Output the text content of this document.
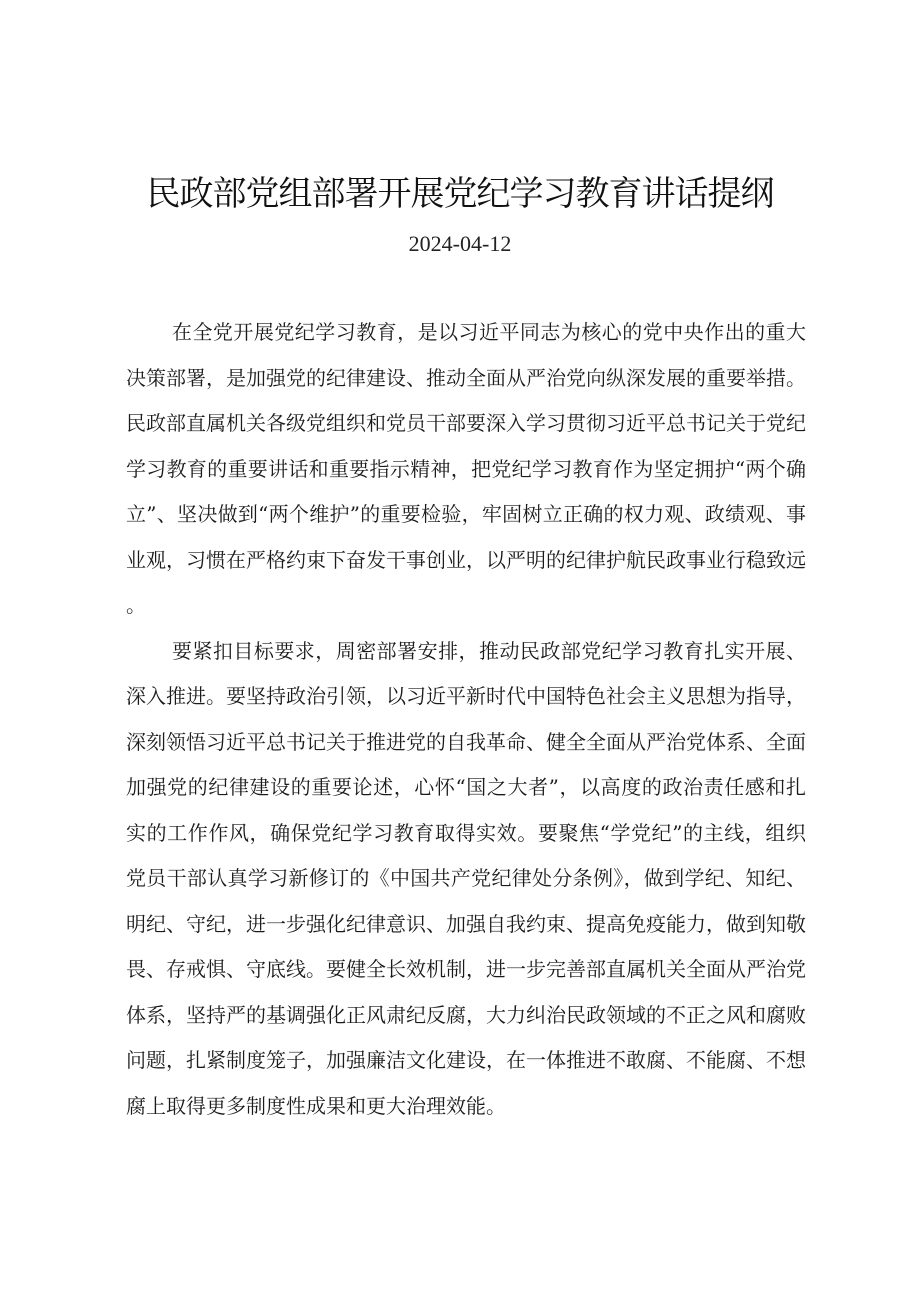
民政部党组部署开展党纪学习教育讲话提纲
2024-04-12

在全党开展党纪学习教育，是以习近平同志为核心的党中央作出的重大决策部署，是加强党的纪律建设、推动全面从严治党向纵深发展的重要举措。民政部直属机关各级党组织和党员干部要深入学习贯彻习近平总书记关于党纪学习教育的重要讲话和重要指示精神，把党纪学习教育作为坚定拥护“两个确立”、坚决做到“两个维护”的重要检验，牢固树立正确的权力观、政绩观、事业观，习惯在严格约束下奋发干事创业，以严明的纪律护航民政事业行稳致远。

要紧扣目标要求，周密部署安排，推动民政部党纪学习教育扎实开展、深入推进。要坚持政治引领，以习近平新时代中国特色社会主义思想为指导，深刻领悟习近平总书记关于推进党的自我革命、健全全面从严治党体系、全面加强党的纪律建设的重要论述，心怀“国之大者”，以高度的政治责任感和扎实的工作作风，确保党纪学习教育取得实效。要聚焦“学党纪”的主线，组织党员干部认真学习新修订的《中国共产党纪律处分条例》，做到学纪、知纪、明纪、守纪，进一步强化纪律意识、加强自我约束、提高免疫能力，做到知敬畏、存戒惧、守底线。要健全长效机制，进一步完善部直属机关全面从严治党体系，坚持严的基调强化正风肃纪反腐，大力纠治民政领域的不正之风和腐败问题，扎紧制度笼子，加强廉洁文化建设，在一体推进不敢腐、不能腐、不想腐上取得更多制度性成果和更大治理效能。
